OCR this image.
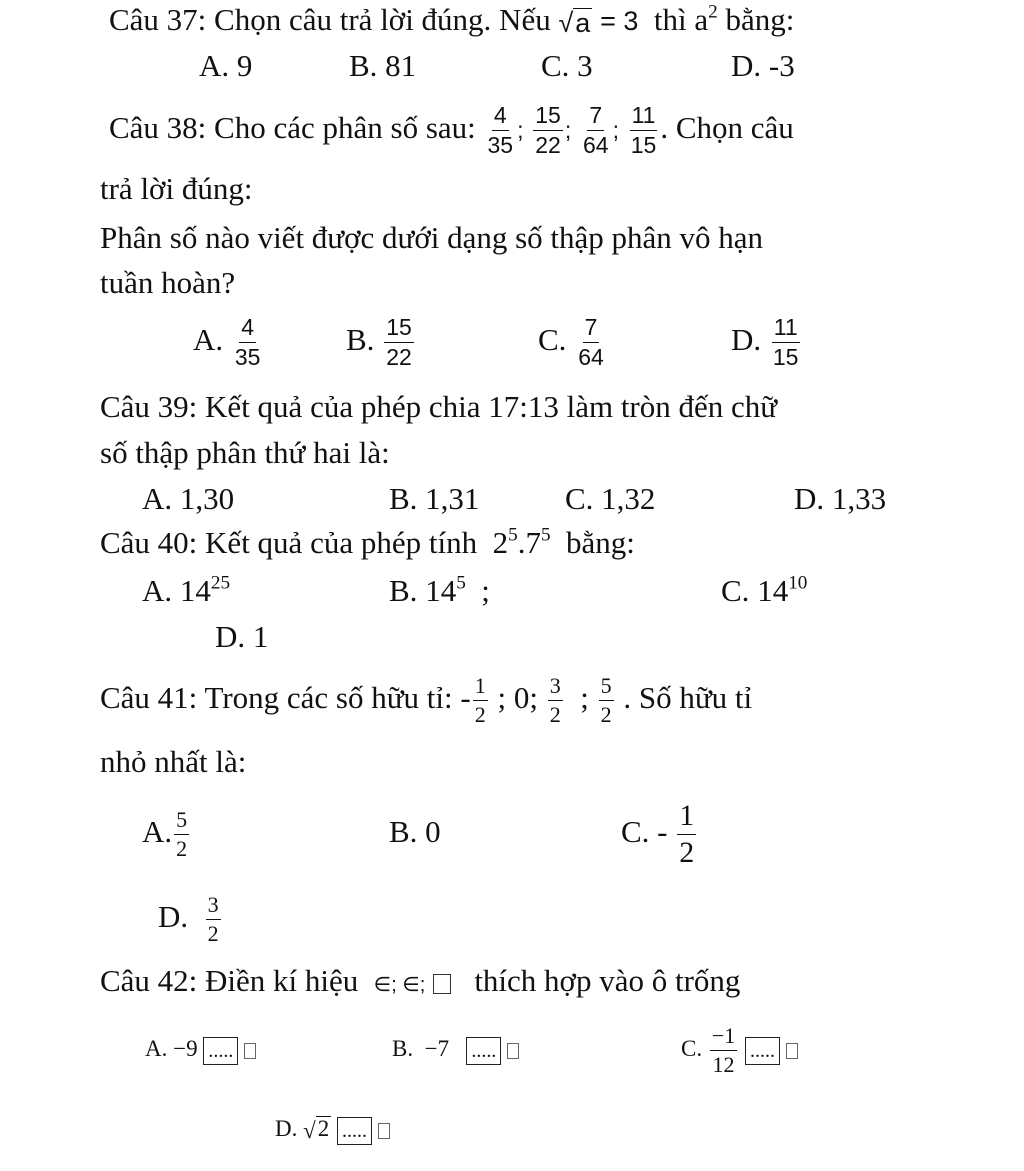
Câu 37: Chọn câu trả lời đúng. Nếu √ a = 3 thì $a^2$ bằng:
A. 9	B. 81	C. 3	D. -3
Câu 38: Cho các phân số sau: $\frac{4}{35}$ ; $\frac{15}{22}$ ; $\frac{7}{64}$ ; $\frac{11}{15}$ . Chọn câu
trả lời đúng:
Phân số nào viết được dưới dạng số thập phân vô hạn
tuần hoàn?
A. $\frac{4}{35}$	B. $\frac{15}{22}$	C. $\frac{7}{64}$	D. $\frac{11}{15}$
Câu 39: Kết quả của phép chia 17:13 làm tròn đến chữ
số thập phân thứ hai là:
A. 1,30	B. 1,31	C. 1,32	D. 1,33
Câu 40: Kết quả của phép tính $2^5.7^5$ bằng:
A. $14^{25}$	B. $14^5$ ;	C. $14^{10}$
D. 1
Câu 41: Trong các số hữu tỉ: - $\frac{1}{2}$ ; 0; $\frac{3}{2}$ ; $\frac{5}{2}$ . Số hữu tỉ
nhỏ nhất là:
A. $\frac{5}{2}$	B. 0	C. - $\frac{1}{2}$
D. $\frac{3}{2}$
Câu 42: Điền kí hiệu ∈; ∈; thích hợp vào ô trống
A. −9 .....	B. −7 .....	C. $\frac{-1}{12}$ .....
D. √ 2 .....
